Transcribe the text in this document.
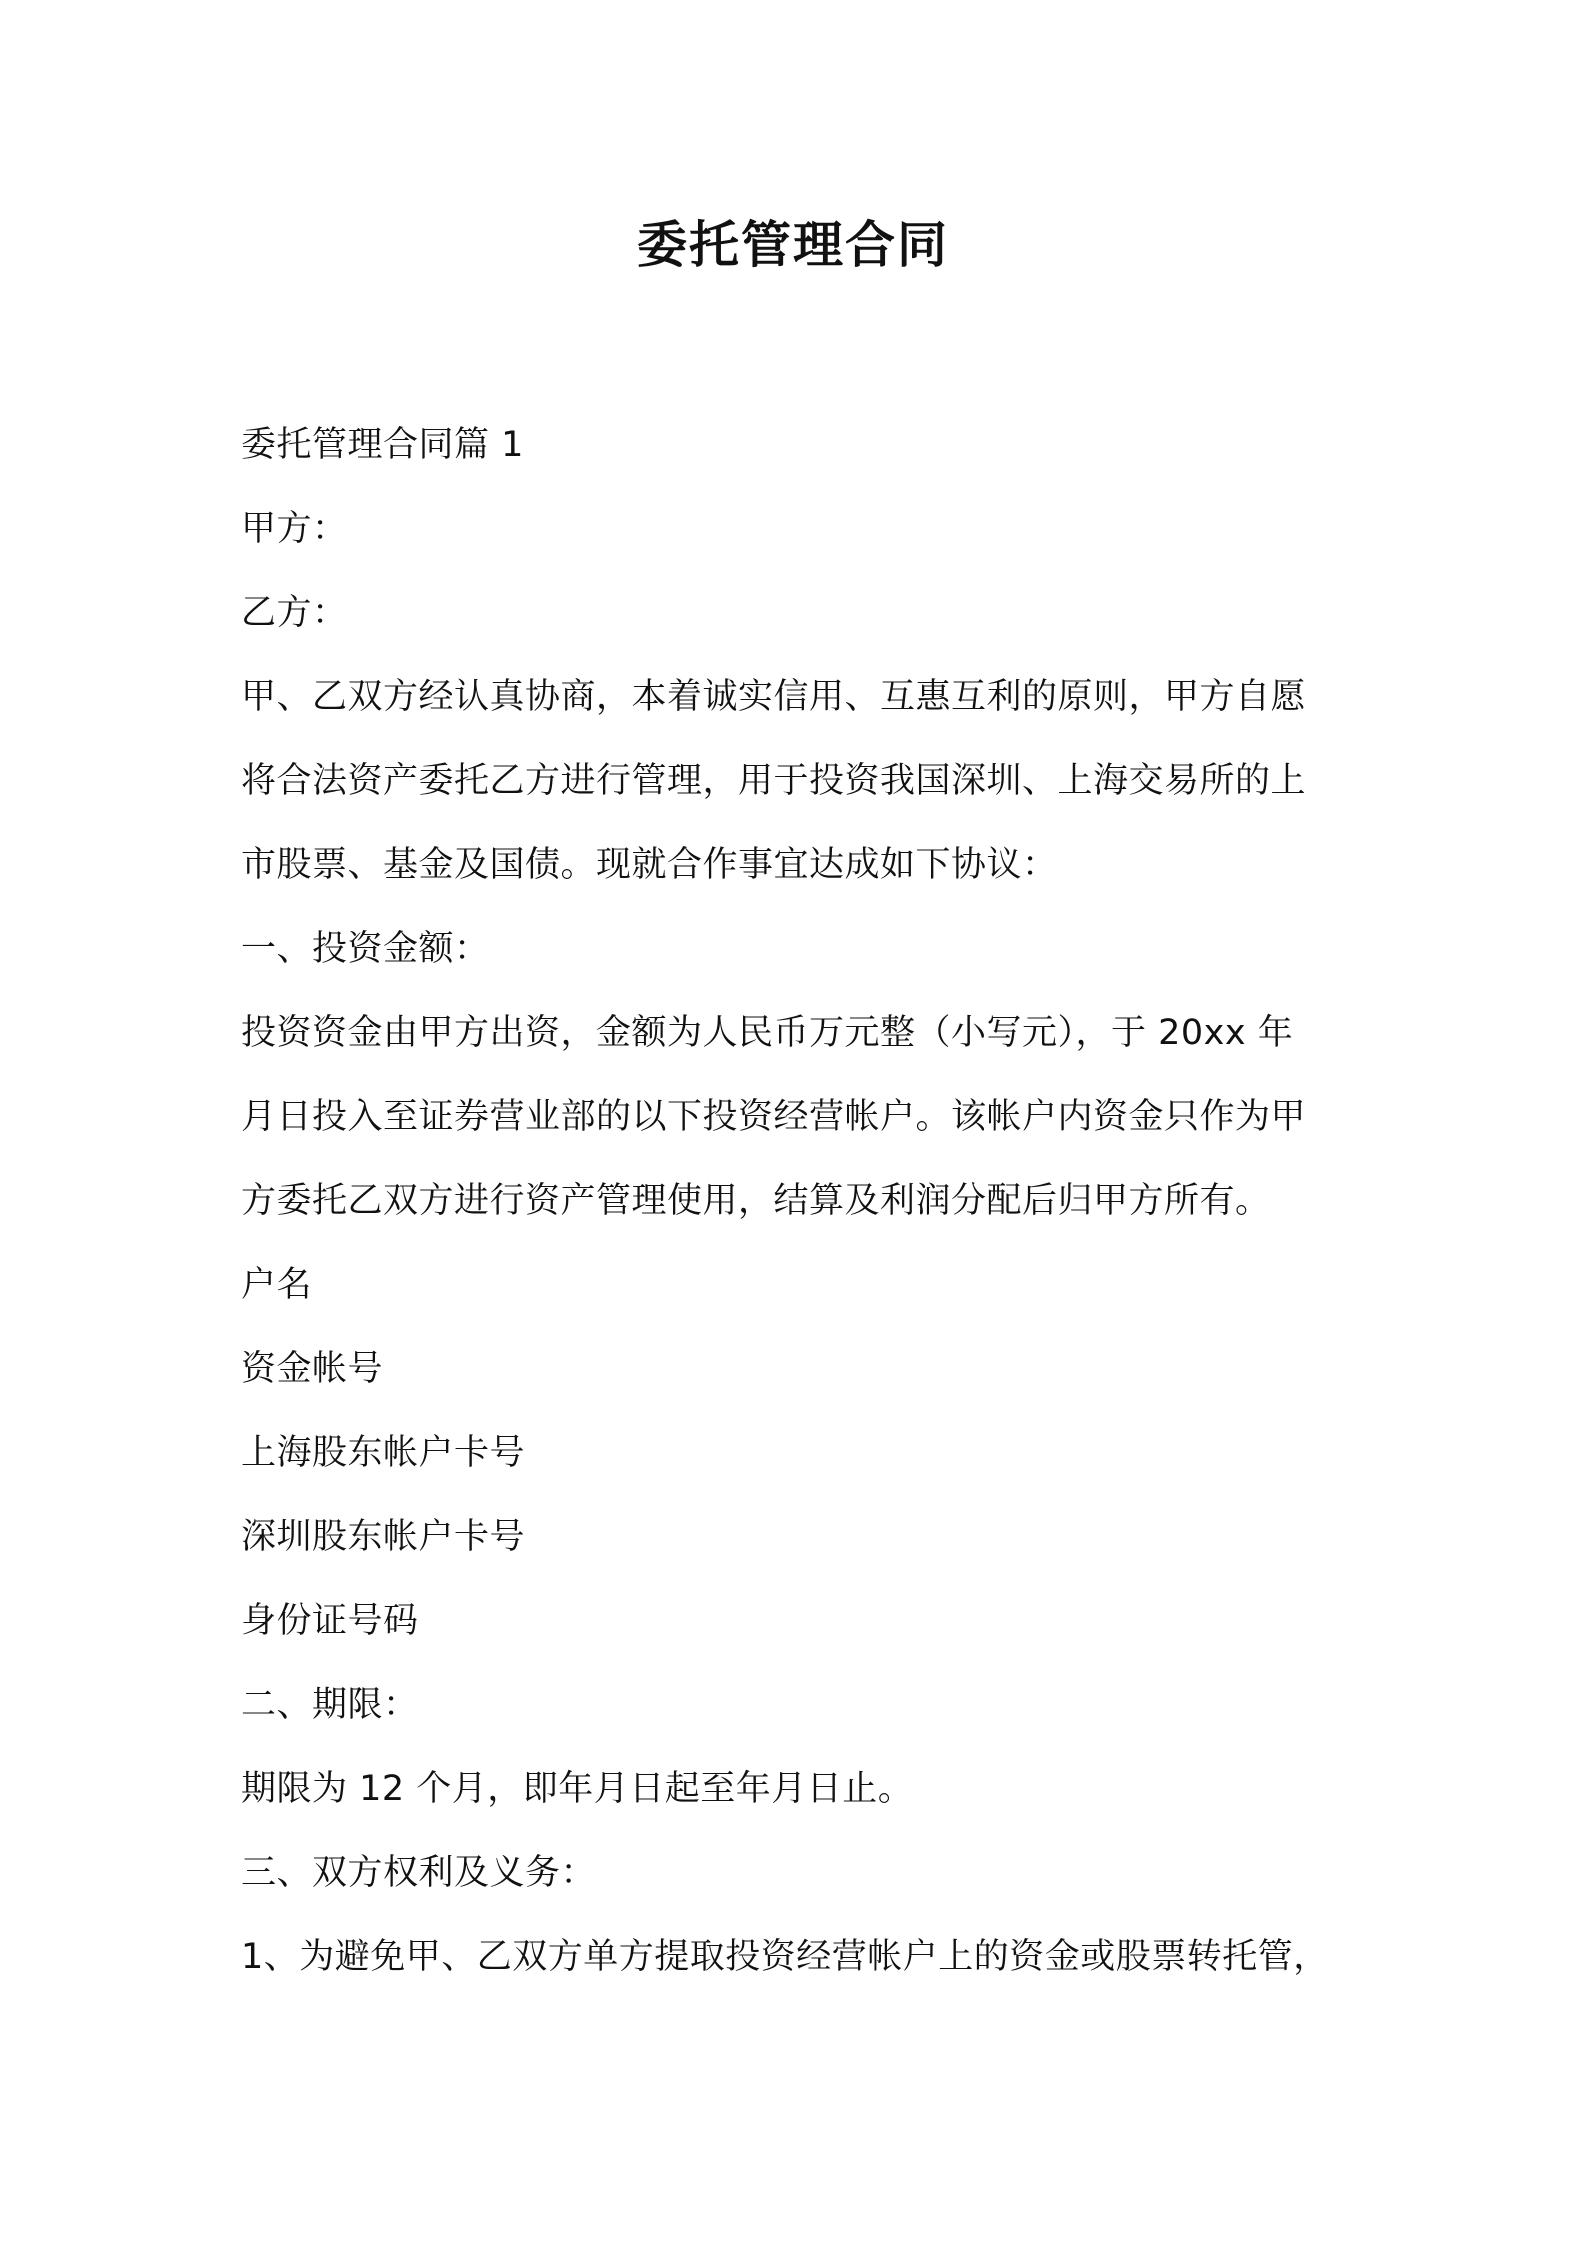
委托管理合同
委托管理合同篇 1
甲方：
乙方：
甲、乙双方经认真协商，本着诚实信用、互惠互利的原则，甲方自愿
将合法资产委托乙方进行管理，用于投资我国深圳、上海交易所的上
市股票、基金及国债。现就合作事宜达成如下协议：
一、投资金额：
投资资金由甲方出资，金额为人民币万元整（小写元），于 20xx 年
月日投入至证券营业部的以下投资经营帐户。该帐户内资金只作为甲
方委托乙双方进行资产管理使用，结算及利润分配后归甲方所有。
户名
资金帐号
上海股东帐户卡号
深圳股东帐户卡号
身份证号码
二、期限：
期限为 12 个月，即年月日起至年月日止。
三、双方权利及义务：
1、为避免甲、乙双方单方提取投资经营帐户上的资金或股票转托管，
